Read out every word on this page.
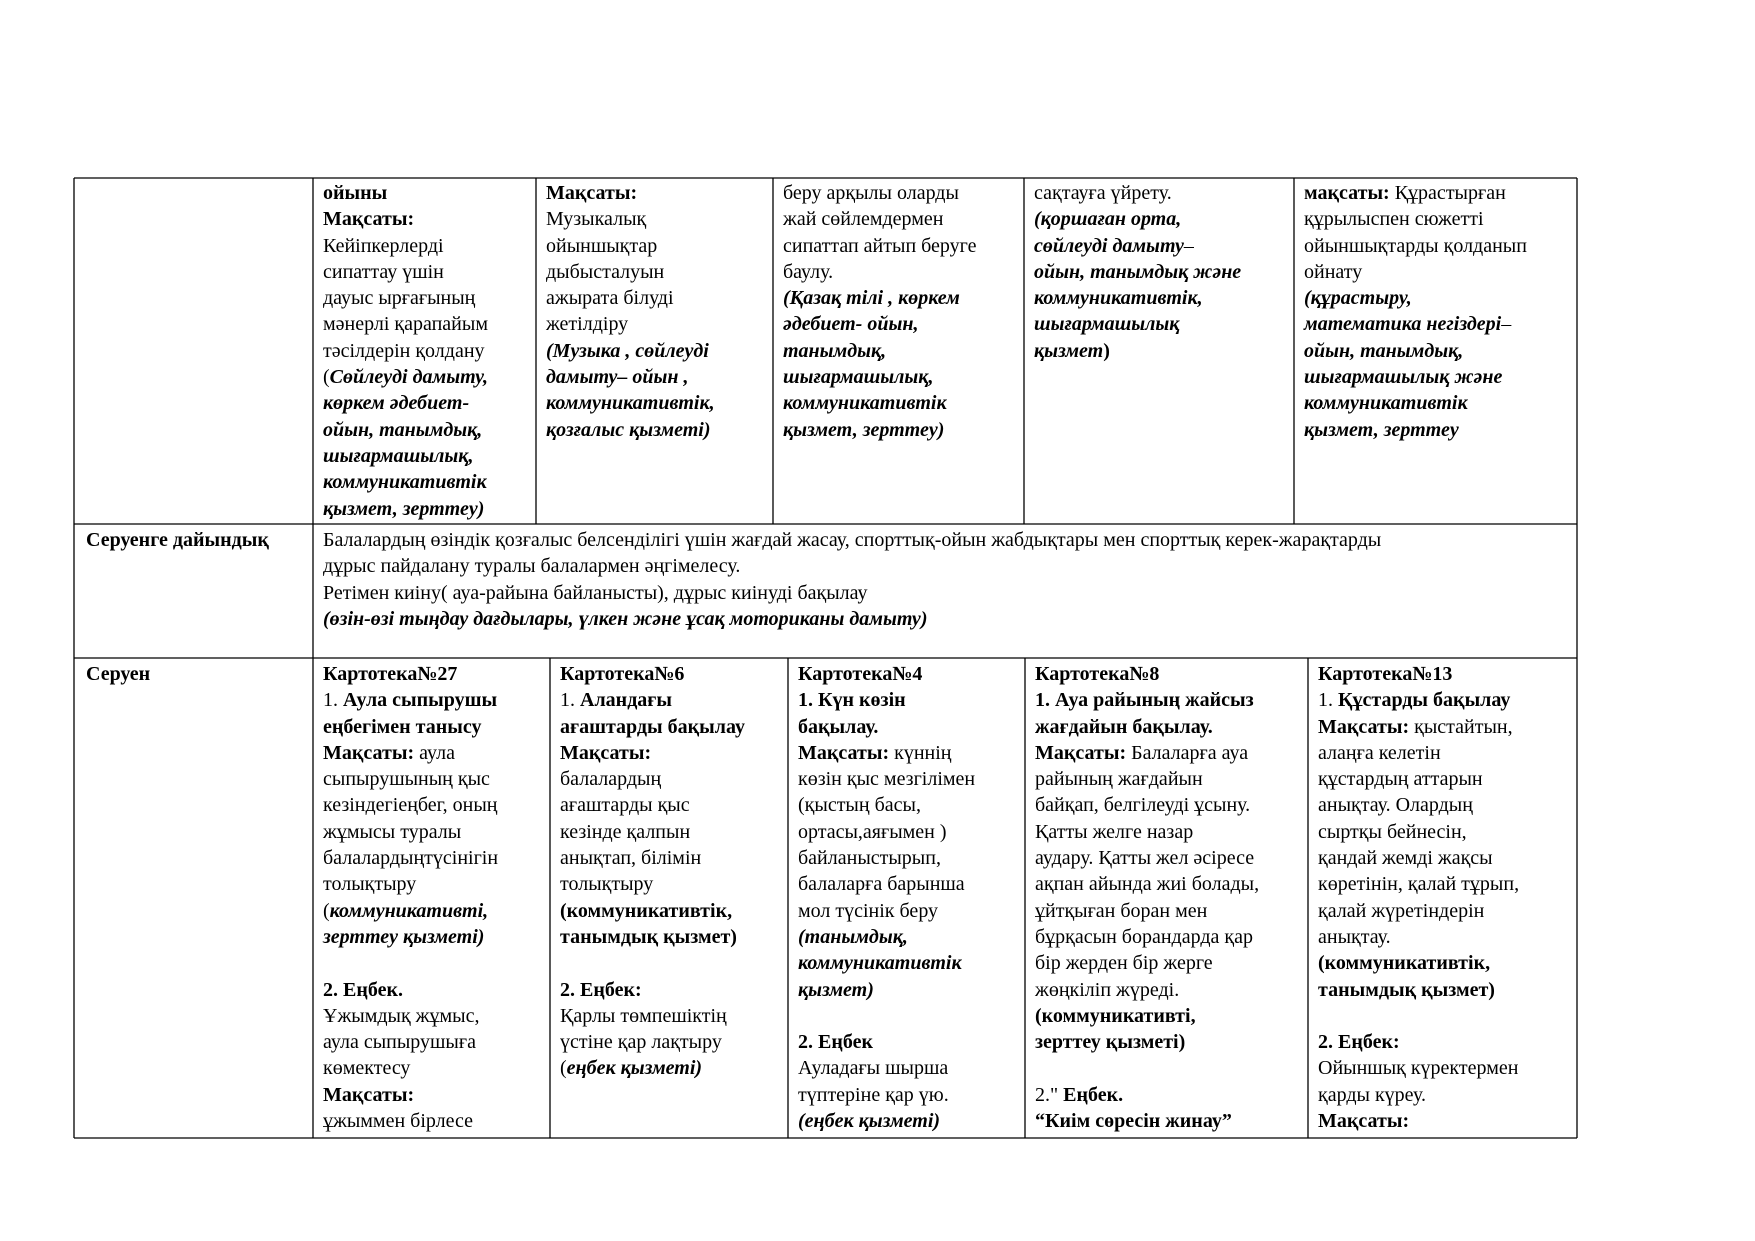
ойыны

Мақсаты:

Кейіпкерлерді

сипаттау үшін

дауыс ырғағының

мәнерлі қарапайым

тәсілдерін қолдану

(Сөйлеуді дамыту,

көркем әдебиет-

ойын, танымдық,

шығармашылық,

коммуникативтік

қызмет, зерттеу)

Мақсаты:

Музыкалық

ойыншықтар

дыбысталуын

ажырата білуді

жетілдіру

(Музыка , сөйлеуді

дамыту– ойын ,

коммуникативтік,

қозғалыс қызметі)

беру арқылы оларды

жай сөйлемдермен

сипаттап айтып беруге

баулу.

(Қазақ тілі , көркем

әдебиет- ойын,

танымдық,

шығармашылық,

коммуникативтік

қызмет, зерттеу)

сақтауға үйрету.

(қоршаған орта,

сөйлеуді дамыту–

ойын, танымдық және

коммуникативтік,

шығармашылық

қызмет)

мақсаты: Құрастырған

құрылыспен сюжетті

ойыншықтарды қолданып

ойнату

(құрастыру,

математика негіздері–

ойын, танымдық,

шығармашылық және

коммуникативтік

қызмет, зерттеу

Серуенге дайындық	Балалардың өзіндік қозғалыс белсенділігі үшін жағдай жасау, спорттық-ойын жабдықтары мен спорттық керек-жарақтарды

дұрыс пайдалану туралы балалармен әңгімелесу.

Ретімен киіну( ауа-райына байланысты), дұрыс киінуді бақылау

(өзін-өзі тыңдау дағдылары, үлкен және ұсақ моториканы дамыту)

Серуен	Картотека№27

1. Аула сыпырушы

еңбегімен танысу

Мақсаты: аула

сыпырушының қыс

кезіндегіеңбег, оның

жұмысы туралы

балалардыңтүсінігін

толықтыру

(коммуникативті,

зерттеу қызметі)

2. Еңбек.

Ұжымдық жұмыс,

аула сыпырушыға

көмектесу

Мақсаты:

ұжыммен бірлесе

Картотека№6

1. Аландағы

ағаштарды бақылау

Мақсаты:

балалардың

ағаштарды қыс

кезінде қалпын

анықтап, білімін

толықтыру

(коммуникативтік,

танымдық қызмет)

2. Еңбек:

Қарлы төмпешіктің

үстіне қар лақтыру

(еңбек қызметі)

Картотека№4

1. Күн көзін

бақылау.

Мақсаты: күннің

көзін қыс мезгілімен

(қыстың басы,

ортасы,аяғымен )

байланыстырып,

балаларға барынша

мол түсінік беру

(танымдық,

коммуникативтік

қызмет)

2. Еңбек

Ауладағы шырша

түптеріне қар үю.

(еңбек қызметі)

Картотека№8

1. Ауа райының жайсыз

жағдайын бақылау.

Мақсаты: Балаларға ауа

райының жағдайын

байқап, белгілеуді ұсыну.

Қатты желге назар

аудару. Қатты жел әсіресе

ақпан айында жиі болады,

ұйтқыған боран мен

бұрқасын борандарда қар

бір жерден бір жерге

жөңкіліп жүреді.

(коммуникативті,

зерттеу қызметі)

2." Еңбек.

“Киім сөресін жинау”

Картотека№13

1. Құстарды бақылау

Мақсаты: қыстайтын,

алаңға келетін

құстардың аттарын

анықтау. Олардың

сыртқы бейнесін,

қандай жемді жақсы

көретінін, қалай тұрып,

қалай жүретіндерін

анықтау.

(коммуникативтік,

танымдық қызмет)

2. Еңбек:

Ойыншық күректермен

қарды күреу.

Мақсаты:
